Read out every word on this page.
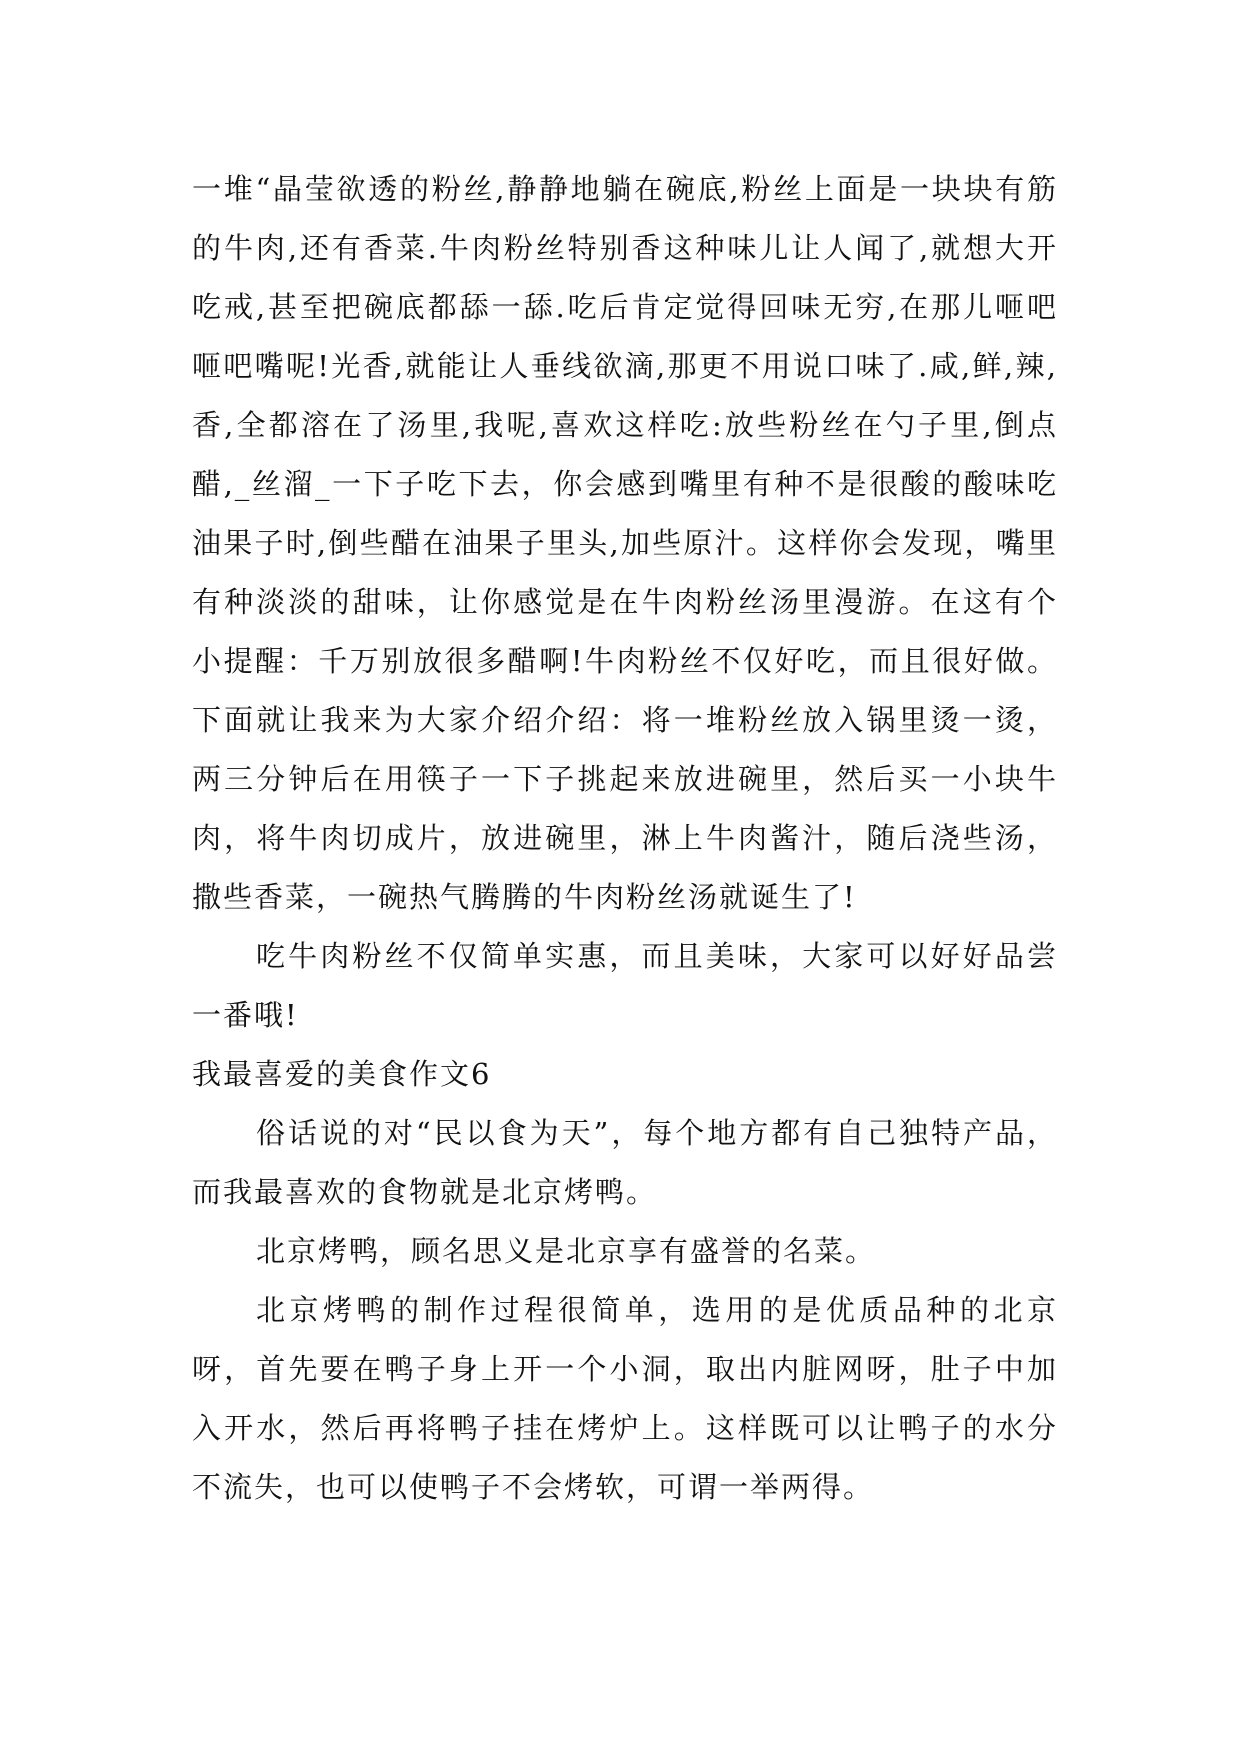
一堆“晶莹欲透的粉丝,静静地躺在碗底,粉丝上面是一块块有筋的牛肉,还有香菜.牛肉粉丝特别香这种味儿让人闻了,就想大开吃戒,甚至把碗底都舔一舔.吃后肯定觉得回味无穷,在那儿咂吧咂吧嘴呢!光香,就能让人垂线欲滴,那更不用说口味了.咸,鲜,辣,香,全都溶在了汤里,我呢,喜欢这样吃:放些粉丝在勺子里,倒点醋,_丝溜_一下子吃下去，你会感到嘴里有种不是很酸的酸味吃油果子时,倒些醋在油果子里头,加些原汁。这样你会发现，嘴里有种淡淡的甜味，让你感觉是在牛肉粉丝汤里漫游。在这有个小提醒：千万别放很多醋啊!牛肉粉丝不仅好吃，而且很好做。下面就让我来为大家介绍介绍：将一堆粉丝放入锅里烫一烫，两三分钟后在用筷子一下子挑起来放进碗里，然后买一小块牛肉，将牛肉切成片，放进碗里，淋上牛肉酱汁，随后浇些汤，撒些香菜，一碗热气腾腾的牛肉粉丝汤就诞生了!

吃牛肉粉丝不仅简单实惠，而且美味，大家可以好好品尝一番哦!

我最喜爱的美食作文6

俗话说的对“民以食为天”，每个地方都有自己独特产品，而我最喜欢的食物就是北京烤鸭。

北京烤鸭，顾名思义是北京享有盛誉的名菜。

北京烤鸭的制作过程很简单，选用的是优质品种的北京呀，首先要在鸭子身上开一个小洞，取出内脏网呀，肚子中加入开水，然后再将鸭子挂在烤炉上。这样既可以让鸭子的水分不流失，也可以使鸭子不会烤软，可谓一举两得。
